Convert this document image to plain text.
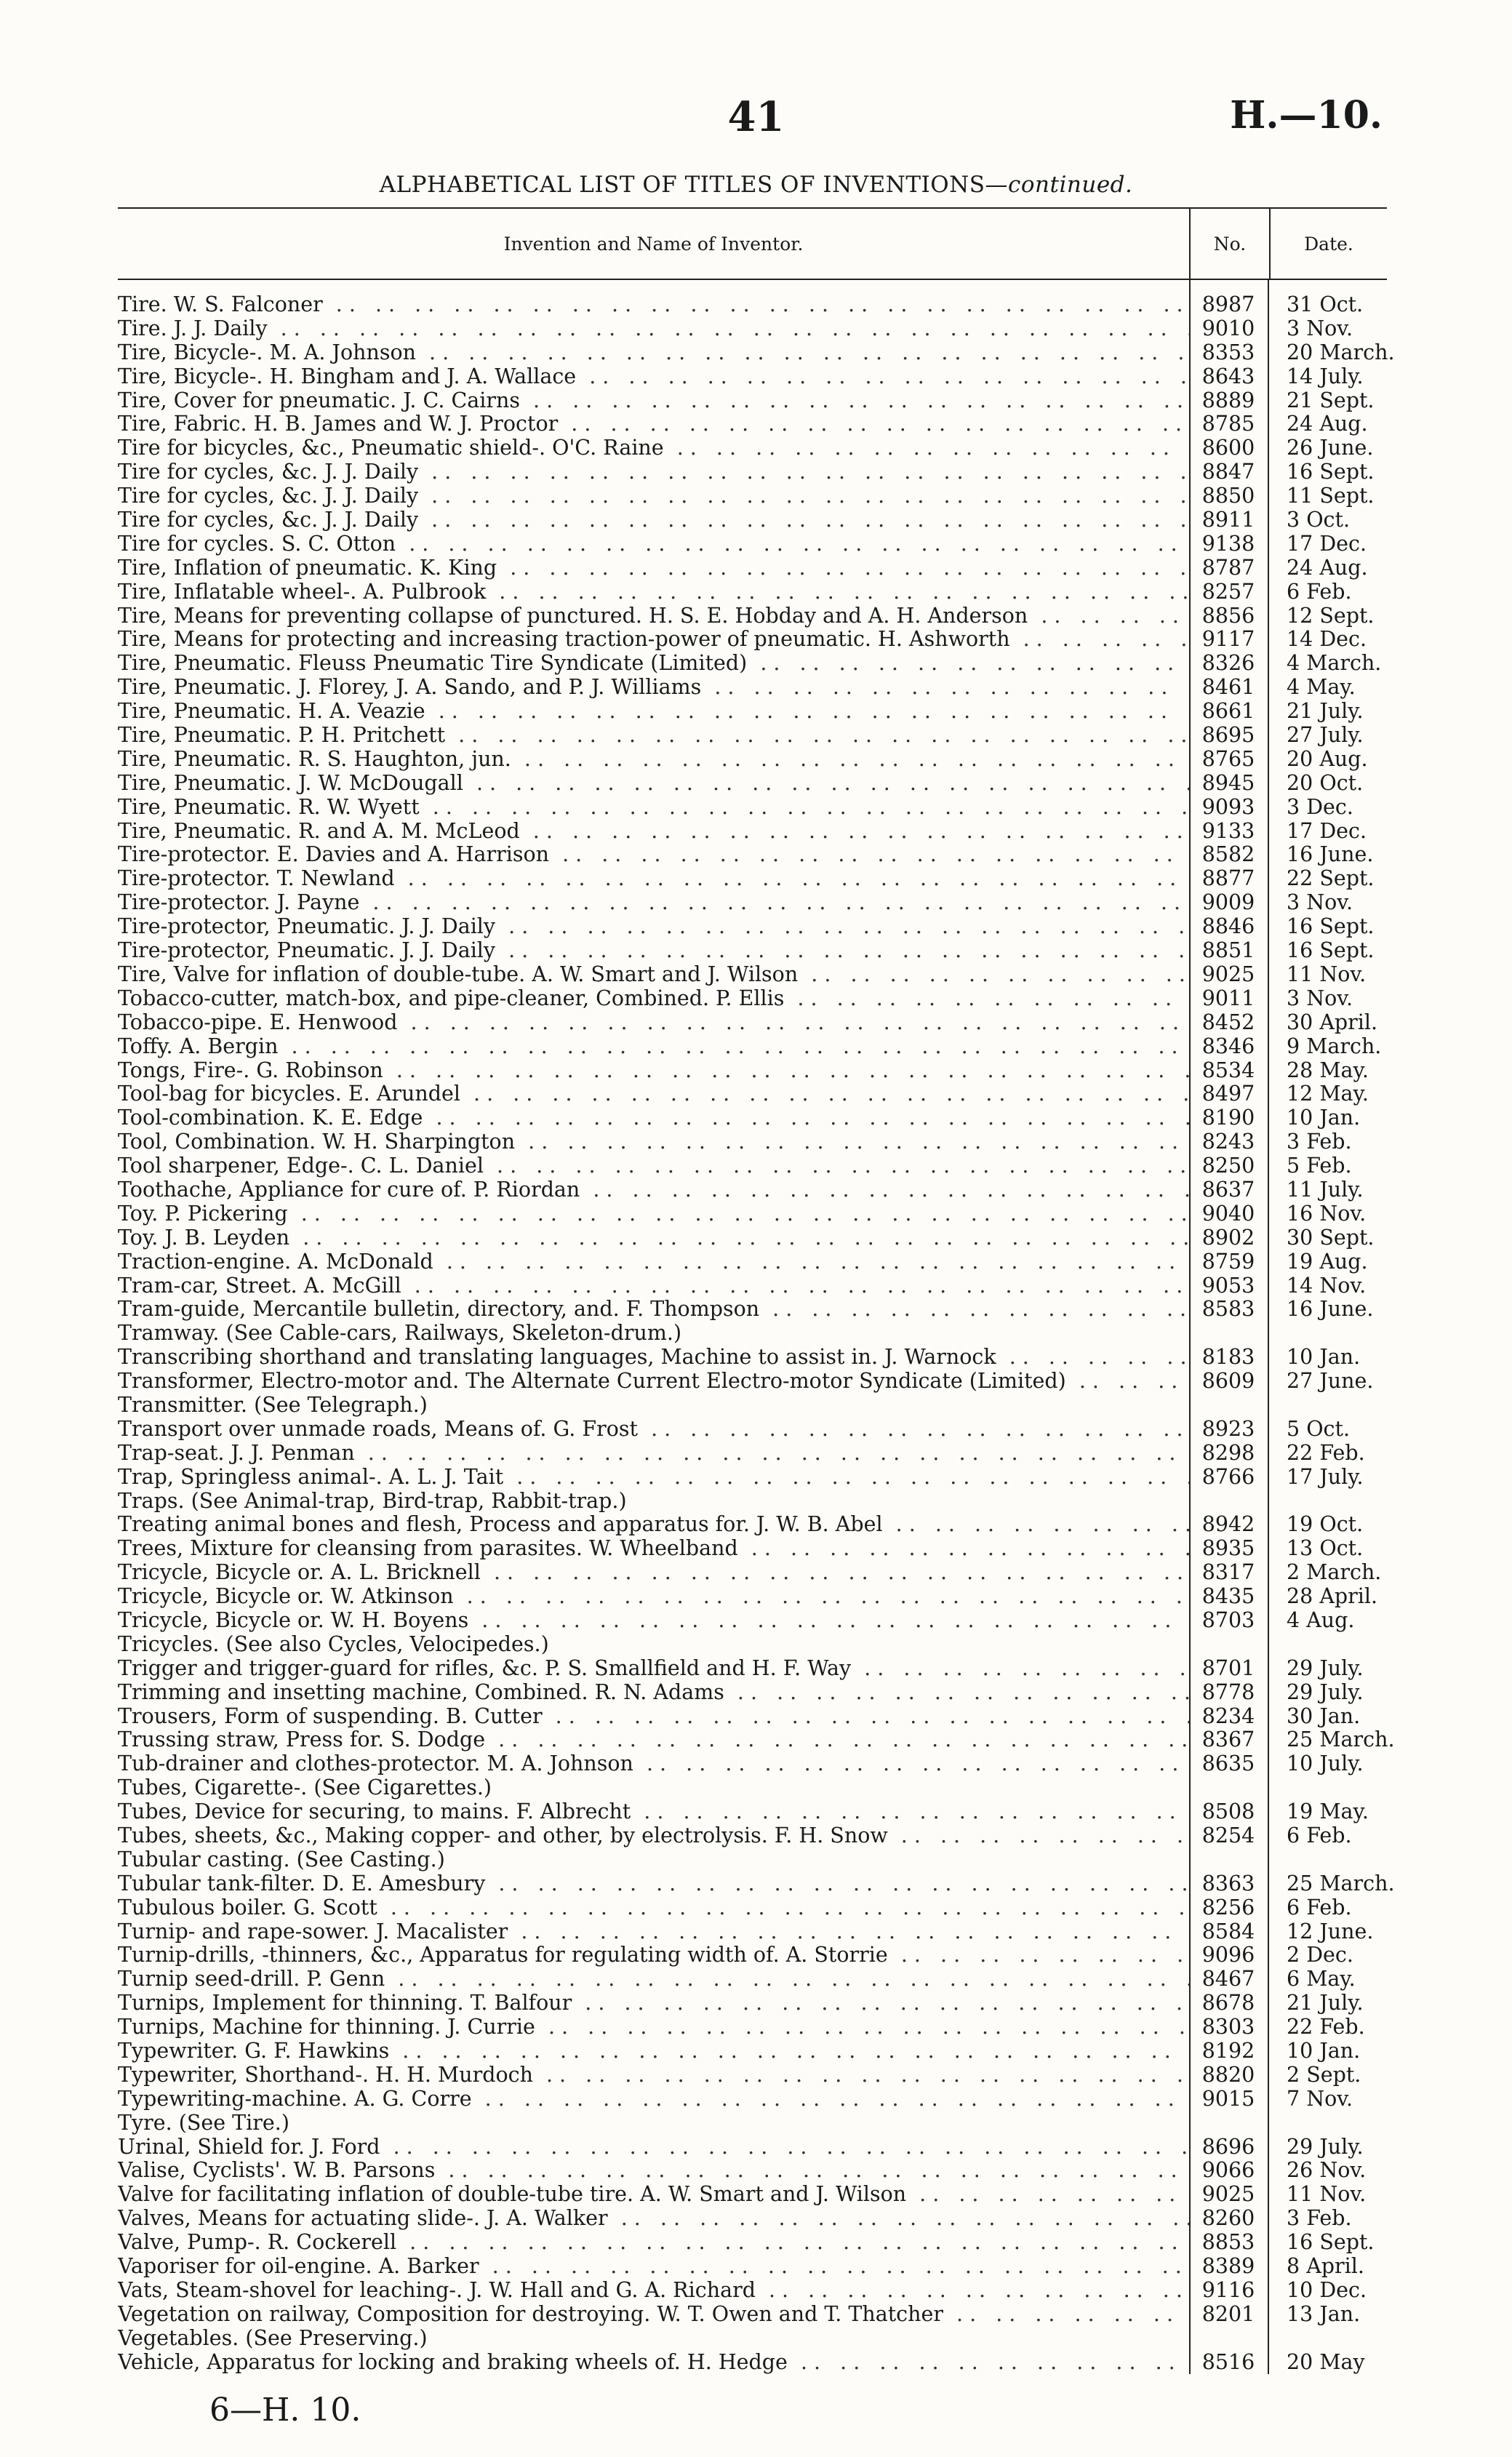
41	H.—10.
ALPHABETICAL LIST OF TITLES OF INVENTIONS—continued.
Invention and Name of Inventor.	No.	Date.
Tire. W. S. Falconer .. ..	8987	31 Oct.
Tire. J. J. Daily .. ..	9010	3 Nov.
Tire, Bicycle-. M. A. Johnson .. ..	8353	20 March.
Tire, Bicycle-. H. Bingham and J. A. Wallace .. ..	8643	14 July.
Tire, Cover for pneumatic. J. C. Cairns .. ..	8889	21 Sept.
Tire, Fabric. H. B. James and W. J. Proctor .. ..	8785	24 Aug.
Tire for bicycles, &c., Pneumatic shield-. O'C. Raine .. ..	8600	26 June.
Tire for cycles, &c. J. J. Daily .. ..	8847	16 Sept.
Tire for cycles, &c. J. J. Daily .. ..	8850	11 Sept.
Tire for cycles, &c. J. J. Daily .. ..	8911	3 Oct.
Tire for cycles. S. C. Otton .. ..	9138	17 Dec.
Tire, Inflation of pneumatic. K. King .. ..	8787	24 Aug.
Tire, Inflatable wheel-. A. Pulbrook .. ..	8257	6 Feb.
Tire, Means for preventing collapse of punctured. H. S. E. Hobday and A. H. Anderson .. ..	8856	12 Sept.
Tire, Means for protecting and increasing traction-power of pneumatic. H. Ashworth .. ..	9117	14 Dec.
Tire, Pneumatic. Fleuss Pneumatic Tire Syndicate (Limited) .. ..	8326	4 March.
Tire, Pneumatic. J. Florey, J. A. Sando, and P. J. Williams .. ..	8461	4 May.
Tire, Pneumatic. H. A. Veazie .. ..	8661	21 July.
Tire, Pneumatic. P. H. Pritchett .. ..	8695	27 July.
Tire, Pneumatic. R. S. Haughton, jun. .. ..	8765	20 Aug.
Tire, Pneumatic. J. W. McDougall .. ..	8945	20 Oct.
Tire, Pneumatic. R. W. Wyett .. ..	9093	3 Dec.
Tire, Pneumatic. R. and A. M. McLeod .. ..	9133	17 Dec.
Tire-protector. E. Davies and A. Harrison .. ..	8582	16 June.
Tire-protector. T. Newland .. ..	8877	22 Sept.
Tire-protector. J. Payne .. ..	9009	3 Nov.
Tire-protector, Pneumatic. J. J. Daily .. ..	8846	16 Sept.
Tire-protector, Pneumatic. J. J. Daily .. ..	8851	16 Sept.
Tire, Valve for inflation of double-tube. A. W. Smart and J. Wilson .. ..	9025	11 Nov.
Tobacco-cutter, match-box, and pipe-cleaner, Combined. P. Ellis .. ..	9011	3 Nov.
Tobacco-pipe. E. Henwood .. ..	8452	30 April.
Toffy. A. Bergin .. ..	8346	9 March.
Tongs, Fire-. G. Robinson .. ..	8534	28 May.
Tool-bag for bicycles. E. Arundel .. ..	8497	12 May.
Tool-combination. K. E. Edge .. ..	8190	10 Jan.
Tool, Combination. W. H. Sharpington .. ..	8243	3 Feb.
Tool sharpener, Edge-. C. L. Daniel .. ..	8250	5 Feb.
Toothache, Appliance for cure of. P. Riordan .. ..	8637	11 July.
Toy. P. Pickering .. ..	9040	16 Nov.
Toy. J. B. Leyden .. ..	8902	30 Sept.
Traction-engine. A. McDonald .. ..	8759	19 Aug.
Tram-car, Street. A. McGill .. ..	9053	14 Nov.
Tram-guide, Mercantile bulletin, directory, and. F. Thompson .. ..	8583	16 June.
Tramway. (See Cable-cars, Railways, Skeleton-drum.)
Transcribing shorthand and translating languages, Machine to assist in. J. Warnock .. ..	8183	10 Jan.
Transformer, Electro-motor and. The Alternate Current Electro-motor Syndicate (Limited) .. ..	8609	27 June.
Transmitter. (See Telegraph.)
Transport over unmade roads, Means of. G. Frost .. ..	8923	5 Oct.
Trap-seat. J. J. Penman .. ..	8298	22 Feb.
Trap, Springless animal-. A. L. J. Tait .. ..	8766	17 July.
Traps. (See Animal-trap, Bird-trap, Rabbit-trap.)
Treating animal bones and flesh, Process and apparatus for. J. W. B. Abel .. ..	8942	19 Oct.
Trees, Mixture for cleansing from parasites. W. Wheelband .. ..	8935	13 Oct.
Tricycle, Bicycle or. A. L. Bricknell .. ..	8317	2 March.
Tricycle, Bicycle or. W. Atkinson .. ..	8435	28 April.
Tricycle, Bicycle or. W. H. Boyens .. ..	8703	4 Aug.
Tricycles. (See also Cycles, Velocipedes.)
Trigger and trigger-guard for rifles, &c. P. S. Smallfield and H. F. Way .. ..	8701	29 July.
Trimming and insetting machine, Combined. R. N. Adams .. ..	8778	29 July.
Trousers, Form of suspending. B. Cutter .. ..	8234	30 Jan.
Trussing straw, Press for. S. Dodge .. ..	8367	25 March.
Tub-drainer and clothes-protector. M. A. Johnson .. ..	8635	10 July.
Tubes, Cigarette-. (See Cigarettes.)
Tubes, Device for securing, to mains. F. Albrecht .. ..	8508	19 May.
Tubes, sheets, &c., Making copper- and other, by electrolysis. F. H. Snow .. ..	8254	6 Feb.
Tubular casting. (See Casting.)
Tubular tank-filter. D. E. Amesbury .. ..	8363	25 March.
Tubulous boiler. G. Scott .. ..	8256	6 Feb.
Turnip- and rape-sower. J. Macalister .. ..	8584	12 June.
Turnip-drills, -thinners, &c., Apparatus for regulating width of. A. Storrie .. ..	9096	2 Dec.
Turnip seed-drill. P. Genn .. ..	8467	6 May.
Turnips, Implement for thinning. T. Balfour .. ..	8678	21 July.
Turnips, Machine for thinning. J. Currie .. ..	8303	22 Feb.
Typewriter. G. F. Hawkins .. ..	8192	10 Jan.
Typewriter, Shorthand-. H. H. Murdoch .. ..	8820	2 Sept.
Typewriting-machine. A. G. Corre .. ..	9015	7 Nov.
Tyre. (See Tire.)
Urinal, Shield for. J. Ford .. ..	8696	29 July.
Valise, Cyclists'. W. B. Parsons .. ..	9066	26 Nov.
Valve for facilitating inflation of double-tube tire. A. W. Smart and J. Wilson .. ..	9025	11 Nov.
Valves, Means for actuating slide-. J. A. Walker .. ..	8260	3 Feb.
Valve, Pump-. R. Cockerell .. ..	8853	16 Sept.
Vaporiser for oil-engine. A. Barker .. ..	8389	8 April.
Vats, Steam-shovel for leaching-. J. W. Hall and G. A. Richard .. ..	9116	10 Dec.
Vegetation on railway, Composition for destroying. W. T. Owen and T. Thatcher .. ..	8201	13 Jan.
Vegetables. (See Preserving.)
Vehicle, Apparatus for locking and braking wheels of. H. Hedge .. ..	8516	20 May
6—H. 10.
